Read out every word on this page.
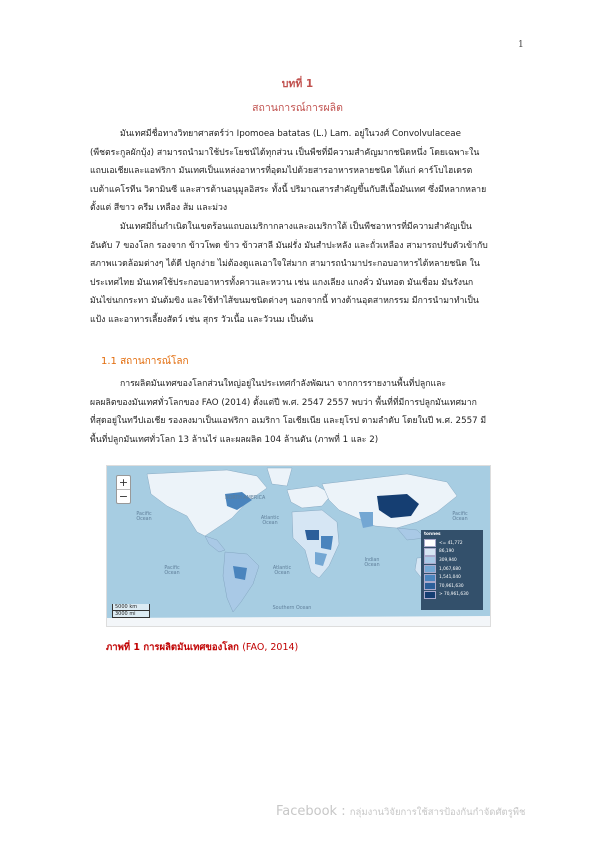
1
บทที่ 1
สถานการณ์การผลิต
มันเทศมีชื่อทางวิทยาศาสตร์ว่า Ipomoea batatas (L.) Lam. อยู่ในวงศ์ Convolvulaceae
(พืชตระกูลผักบุ้ง) สามารถนำมาใช้ประโยชน์ได้ทุกส่วน เป็นพืชที่มีความสำคัญมากชนิดหนึ่ง โดยเฉพาะใน
แถบเอเชียและแอฟริกา มันเทศเป็นแหล่งอาหารที่อุดมไปด้วยสารอาหารหลายชนิด ได้แก่ คาร์โบไฮเดรต
เบต้าแคโรทีน วิตามินซี และสารต้านอนุมูลอิสระ ทั้งนี้ ปริมาณสารสำคัญขึ้นกับสีเนื้อมันเทศ ซึ่งมีหลากหลาย
ตั้งแต่ สีขาว ครีม เหลือง ส้ม และม่วง
มันเทศมีถิ่นกำเนิดในเขตร้อนแถบอเมริกากลางและอเมริกาใต้ เป็นพืชอาหารที่มีความสำคัญเป็น
อันดับ 7 ของโลก รองจาก ข้าวโพด ข้าว ข้าวสาลี มันฝรั่ง มันสำปะหลัง และถั่วเหลือง สามารถปรับตัวเข้ากับ
สภาพแวดล้อมต่างๆ ได้ดี ปลูกง่าย ไม่ต้องดูแลเอาใจใส่มาก สามารถนำมาประกอบอาหารได้หลายชนิด ใน
ประเทศไทย มันเทศใช้ประกอบอาหารทั้งคาวและหวาน เช่น แกงเลียง แกงคั่ว มันทอด มันเชื่อม มันรังนก
มันไข่นกกระทา มันต้มขิง และใช้ทำไส้ขนมชนิดต่างๆ นอกจากนี้ ทางด้านอุตสาหกรรม มีการนำมาทำเป็น
แป้ง และอาหารเลี้ยงสัตว์ เช่น สุกร วัวเนื้อ และวัวนม เป็นต้น
1.1 สถานการณ์โลก
การผลิตมันเทศของโลกส่วนใหญ่อยู่ในประเทศกำลังพัฒนา จากการรายงานพื้นที่ปลูกและ
ผลผลิตของมันเทศทั่วโลกของ FAO (2014) ตั้งแต่ปี พ.ศ. 2547 2557 พบว่า พื้นที่ที่มีการปลูกมันเทศมาก
ที่สุดอยู่ในทวีปเอเชีย รองลงมาเป็นแอฟริกา อเมริกา โอเชียเนีย และยุโรป ตามลำดับ โดยในปี พ.ศ. 2557 มี
พื้นที่ปลูกมันเทศทั่วโลก 13 ล้านไร่ และผลผลิต 104 ล้านตัน (ภาพที่ 1 และ 2)
NORTH AMERICA
Atlantic Ocean
Pacific Ocean
Pacific Ocean
Indian Ocean
Atlantic Ocean
Pacific Ocean
Southern Ocean
+
−
tonnes
<= 41,772
86,190
309,940
1,067,680
1,541,040
70,961,630
> 70,961,630
5000 km
3000 mi
ภาพที่ 1 การผลิตมันเทศของโลก (FAO, 2014)
Facebook : กลุ่มงานวิจัยการใช้สารป้องกันกำจัดศัตรูพืช
